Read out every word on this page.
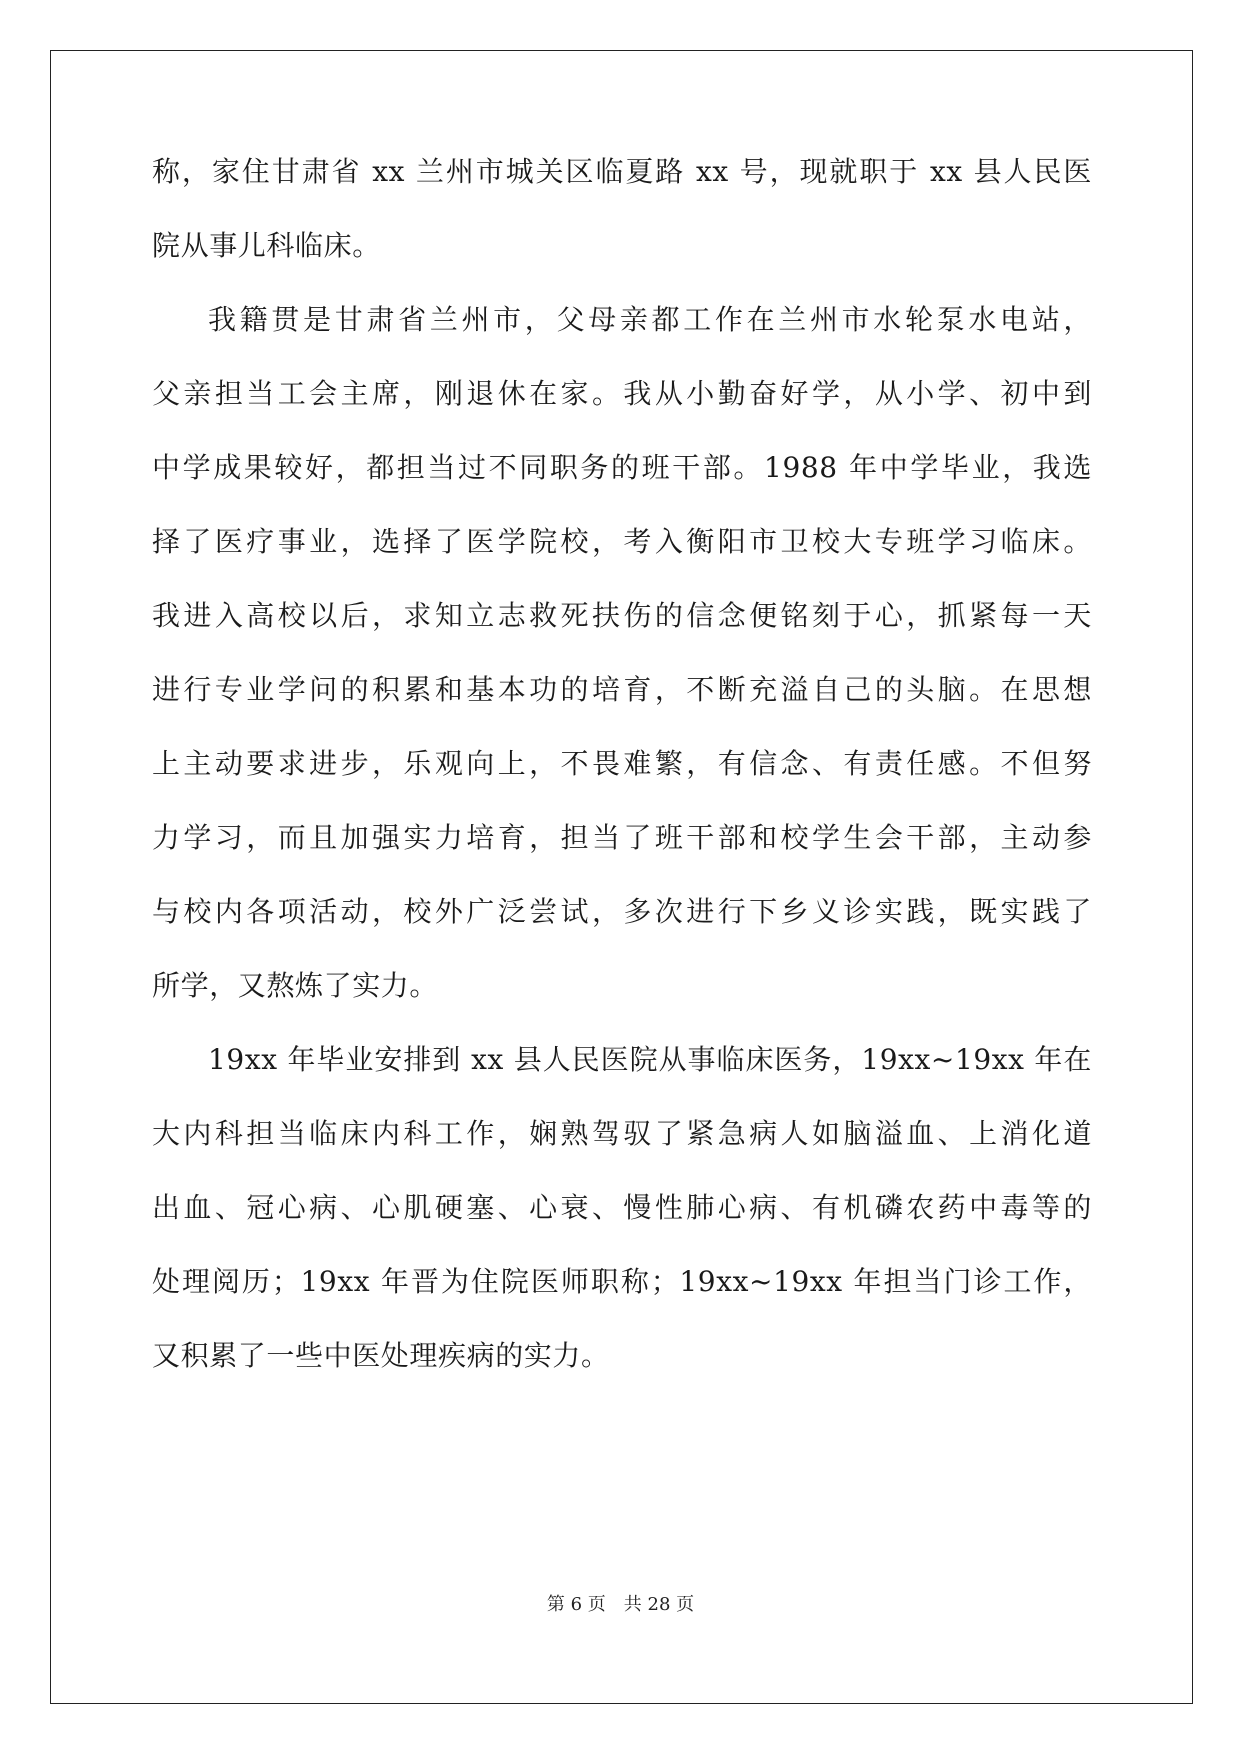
称，家住甘肃省 xx 兰州市城关区临夏路 xx 号，现就职于 xx 县人民医
院从事儿科临床。
我籍贯是甘肃省兰州市，父母亲都工作在兰州市水轮泵水电站，
父亲担当工会主席，刚退休在家。我从小勤奋好学，从小学、初中到
中学成果较好，都担当过不同职务的班干部。1988 年中学毕业，我选
择了医疗事业，选择了医学院校，考入衡阳市卫校大专班学习临床。
我进入高校以后，求知立志救死扶伤的信念便铭刻于心，抓紧每一天
进行专业学问的积累和基本功的培育，不断充溢自己的头脑。在思想
上主动要求进步，乐观向上，不畏难繁，有信念、有责任感。不但努
力学习，而且加强实力培育，担当了班干部和校学生会干部，主动参
与校内各项活动，校外广泛尝试，多次进行下乡义诊实践，既实践了
所学，又熬炼了实力。
19xx 年毕业安排到 xx 县人民医院从事临床医务，19xx~19xx 年在
大内科担当临床内科工作，娴熟驾驭了紧急病人如脑溢血、上消化道
出血、冠心病、心肌硬塞、心衰、慢性肺心病、有机磷农药中毒等的
处理阅历；19xx 年晋为住院医师职称；19xx~19xx 年担当门诊工作，
又积累了一些中医处理疾病的实力。
第 6 页 共 28 页
